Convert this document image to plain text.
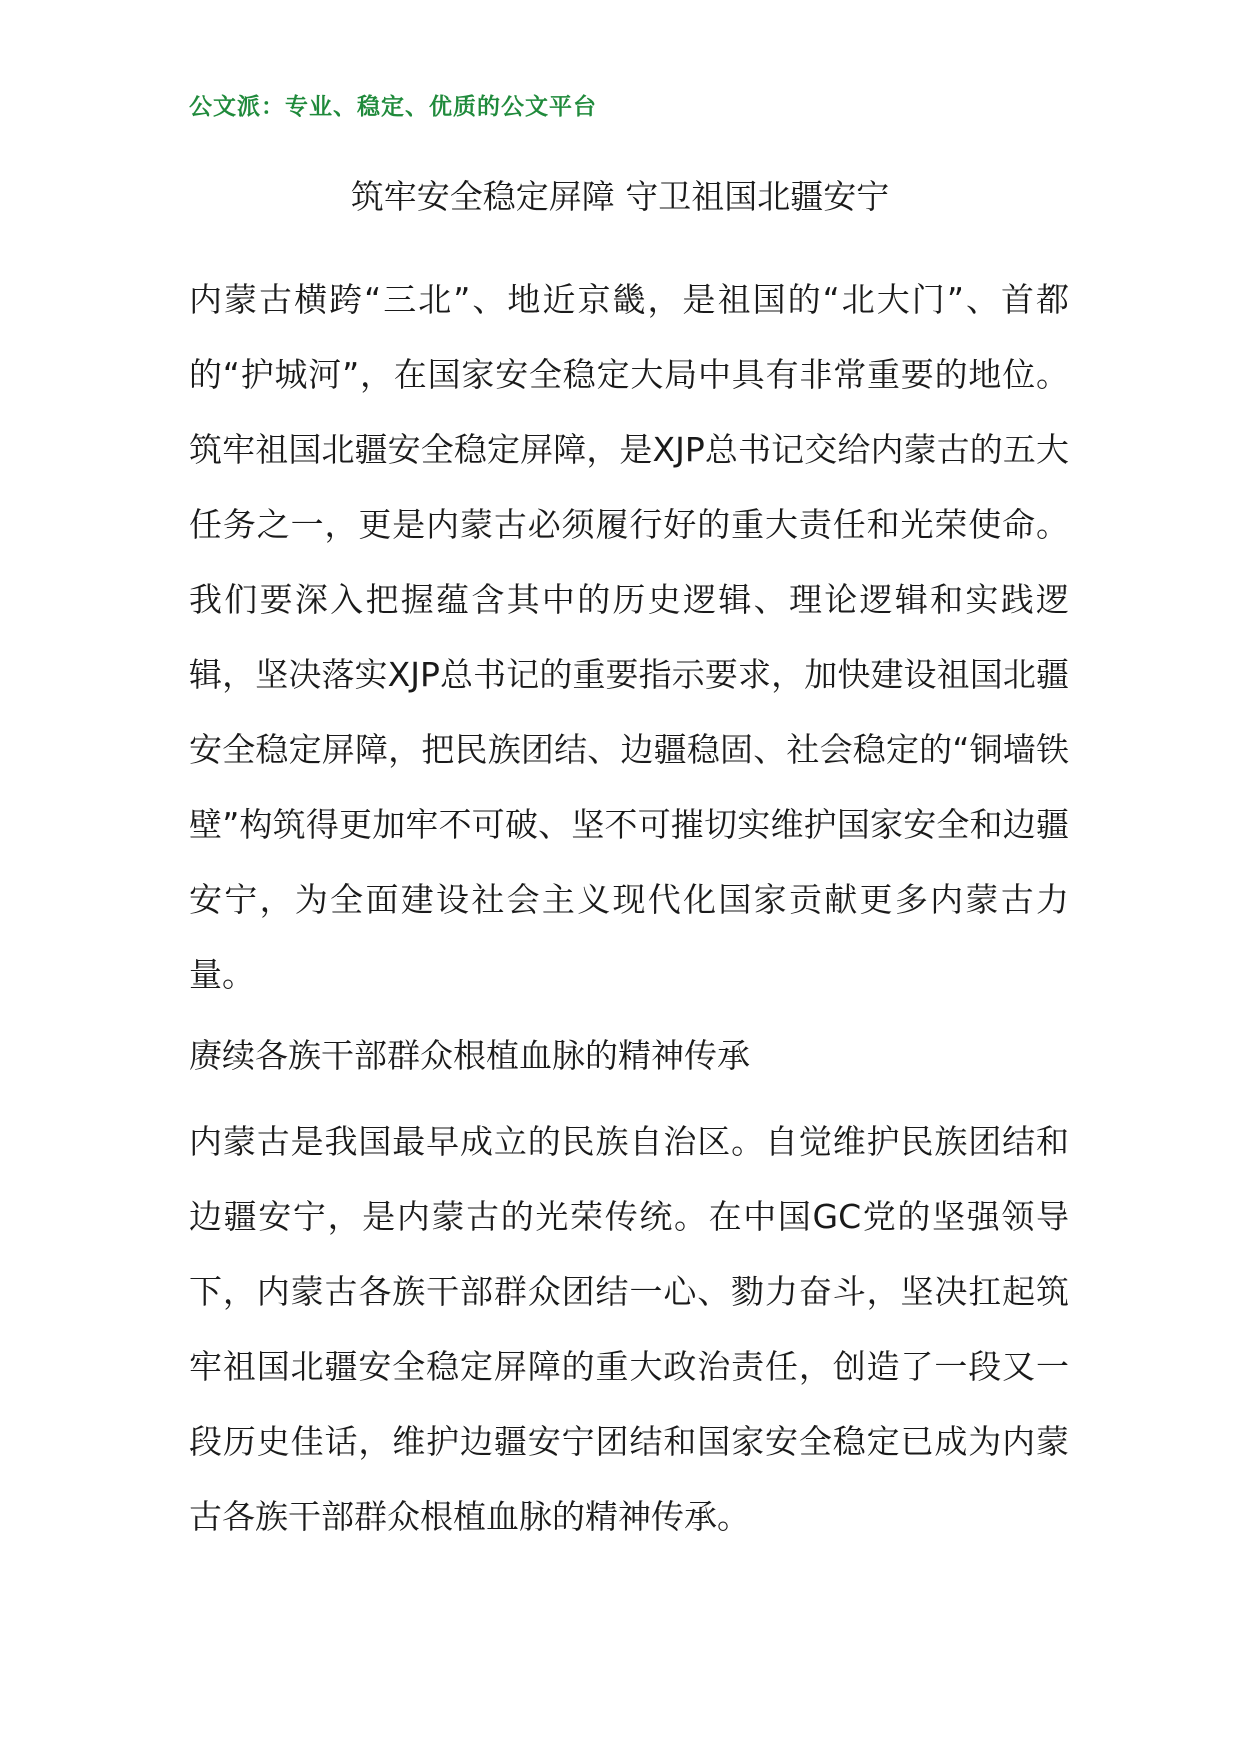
公文派：专业、稳定、优质的公文平台
筑牢安全稳定屏障 守卫祖国北疆安宁

内蒙古横跨“三北”、地近京畿，是祖国的“北大门”、首都的“护城河”，在国家安全稳定大局中具有非常重要的地位。筑牢祖国北疆安全稳定屏障，是XJP总书记交给内蒙古的五大任务之一，更是内蒙古必须履行好的重大责任和光荣使命。我们要深入把握蕴含其中的历史逻辑、理论逻辑和实践逻辑，坚决落实XJP总书记的重要指示要求，加快建设祖国北疆安全稳定屏障，把民族团结、边疆稳固、社会稳定的“铜墙铁壁”构筑得更加牢不可破、坚不可摧切实维护国家安全和边疆安宁，为全面建设社会主义现代化国家贡献更多内蒙古力量。

赓续各族干部群众根植血脉的精神传承

内蒙古是我国最早成立的民族自治区。自觉维护民族团结和边疆安宁，是内蒙古的光荣传统。在中国GC党的坚强领导下，内蒙古各族干部群众团结一心、勠力奋斗，坚决扛起筑牢祖国北疆安全稳定屏障的重大政治责任，创造了一段又一段历史佳话，维护边疆安宁团结和国家安全稳定已成为内蒙古各族干部群众根植血脉的精神传承。
